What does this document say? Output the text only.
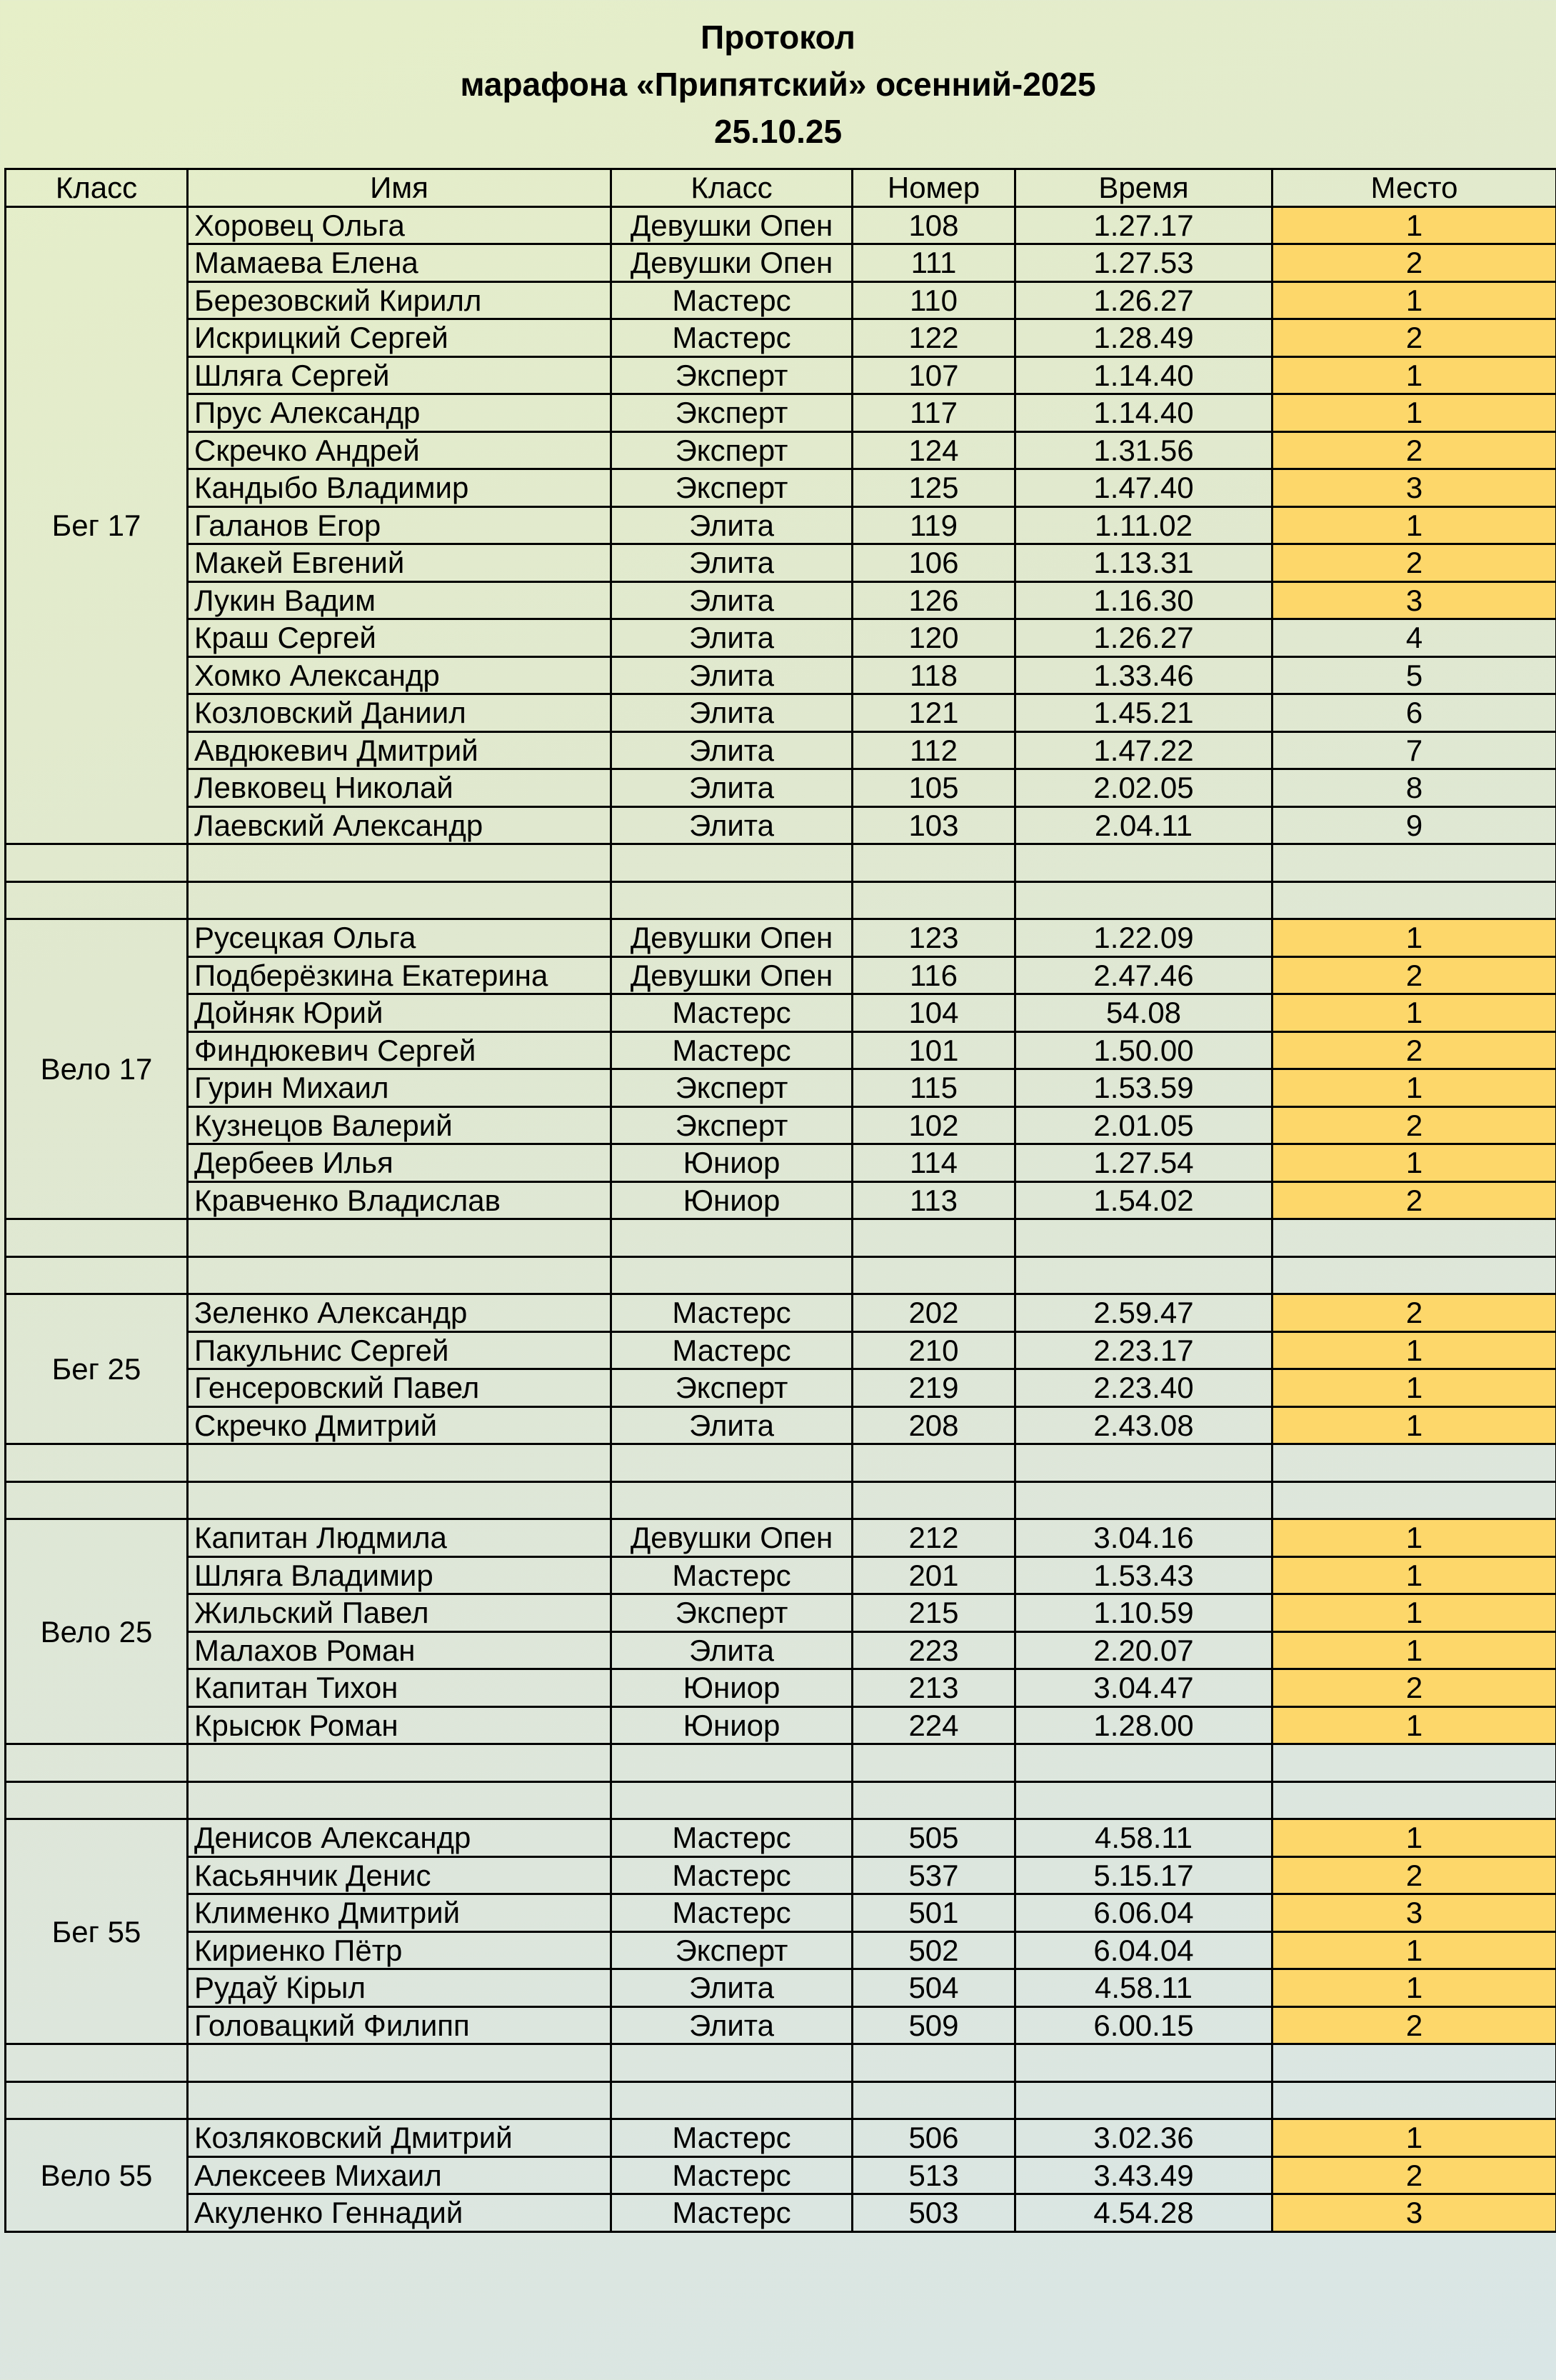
Протокол
марафона «Припятский» осенний-2025
25.10.25
Класс	Имя	Класс	Номер	Время	Место
Бег 17	Хоровец Ольга	Девушки Опен	108	1.27.17	1
	Мамаева Елена	Девушки Опен	111	1.27.53	2
	Березовский Кирилл	Мастерс	110	1.26.27	1
	Искрицкий Сергей	Мастерс	122	1.28.49	2
	Шляга Сергей	Эксперт	107	1.14.40	1
	Прус Александр	Эксперт	117	1.14.40	1
	Скречко Андрей	Эксперт	124	1.31.56	2
	Кандыбо Владимир	Эксперт	125	1.47.40	3
	Галанов Егор	Элита	119	1.11.02	1
	Макей Евгений	Элита	106	1.13.31	2
	Лукин Вадим	Элита	126	1.16.30	3
	Краш Сергей	Элита	120	1.26.27	4
	Хомко Александр	Элита	118	1.33.46	5
	Козловский Даниил	Элита	121	1.45.21	6
	Авдюкевич Дмитрий	Элита	112	1.47.22	7
	Левковец Николай	Элита	105	2.02.05	8
	Лаевский Александр	Элита	103	2.04.11	9

Вело 17	Русецкая Ольга	Девушки Опен	123	1.22.09	1
	Подберёзкина Екатерина	Девушки Опен	116	2.47.46	2
	Дойняк Юрий	Мастерс	104	54.08	1
	Финдюкевич Сергей	Мастерс	101	1.50.00	2
	Гурин Михаил	Эксперт	115	1.53.59	1
	Кузнецов Валерий	Эксперт	102	2.01.05	2
	Дербеев Илья	Юниор	114	1.27.54	1
	Кравченко Владислав	Юниор	113	1.54.02	2

Бег 25	Зеленко Александр	Мастерс	202	2.59.47	2
	Пакульнис Сергей	Мастерс	210	2.23.17	1
	Генсеровский Павел	Эксперт	219	2.23.40	1
	Скречко Дмитрий	Элита	208	2.43.08	1

Вело 25	Капитан Людмила	Девушки Опен	212	3.04.16	1
	Шляга Владимир	Мастерс	201	1.53.43	1
	Жильский Павел	Эксперт	215	1.10.59	1
	Малахов Роман	Элита	223	2.20.07	1
	Капитан Тихон	Юниор	213	3.04.47	2
	Крысюк Роман	Юниор	224	1.28.00	1

Бег 55	Денисов Александр	Мастерс	505	4.58.11	1
	Касьянчик Денис	Мастерс	537	5.15.17	2
	Клименко Дмитрий	Мастерс	501	6.06.04	3
	Кириенко Пётр	Эксперт	502	6.04.04	1
	Рудаў Кірыл	Элита	504	4.58.11	1
	Головацкий Филипп	Элита	509	6.00.15	2

Вело 55	Козляковский Дмитрий	Мастерс	506	3.02.36	1
	Алексеев Михаил	Мастерс	513	3.43.49	2
	Акуленко Геннадий	Мастерс	503	4.54.28	3
